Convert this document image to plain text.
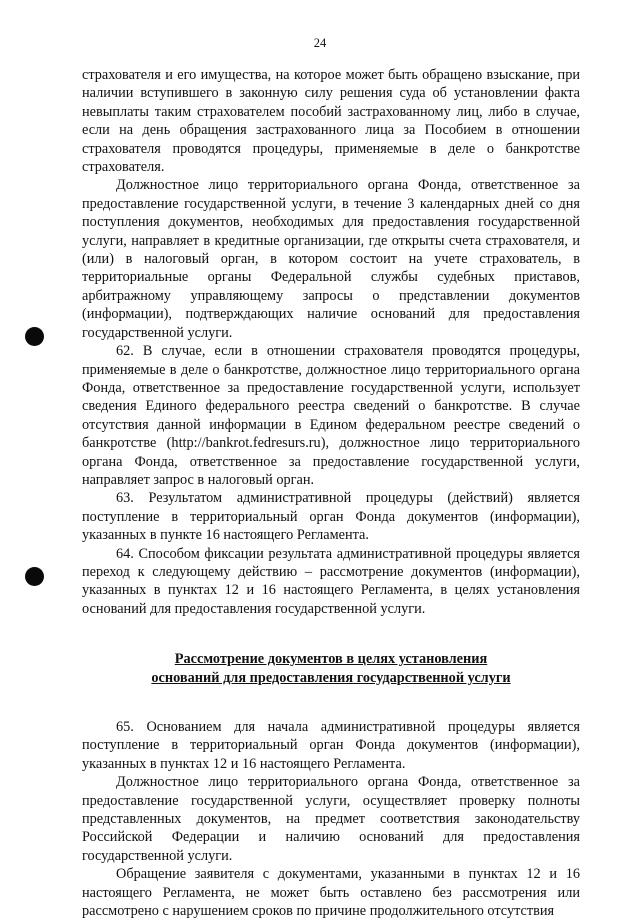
24

страхователя и его имущества, на которое может быть обращено взыскание, при наличии вступившего в законную силу решения суда об установлении факта невыплаты таким страхователем пособий застрахованному лиц, либо в случае, если на день обращения застрахованного лица за Пособием в отношении страхователя проводятся процедуры, применяемые в деле о банкротстве страхователя.

Должностное лицо территориального органа Фонда, ответственное за предоставление государственной услуги, в течение 3 календарных дней со дня поступления документов, необходимых для предоставления государственной услуги, направляет в кредитные организации, где открыты счета страхователя, и (или) в налоговый орган, в котором состоит на учете страхователь, в территориальные органы Федеральной службы судебных приставов, арбитражному управляющему запросы о представлении документов (информации), подтверждающих наличие оснований для предоставления государственной услуги.

62. В случае, если в отношении страхователя проводятся процедуры, применяемые в деле о банкротстве, должностное лицо территориального органа Фонда, ответственное за предоставление государственной услуги, использует сведения Единого федерального реестра сведений о банкротстве. В случае отсутствия данной информации в Едином федеральном реестре сведений о банкротстве (http://bankrot.fedresurs.ru), должностное лицо территориального органа Фонда, ответственное за предоставление государственной услуги, направляет запрос в налоговый орган.

63. Результатом административной процедуры (действий) является поступление в территориальный орган Фонда документов (информации), указанных в пункте 16 настоящего Регламента.

64. Способом фиксации результата административной процедуры является переход к следующему действию – рассмотрение документов (информации), указанных в пунктах 12 и 16 настоящего Регламента, в целях установления оснований для предоставления государственной услуги.

Рассмотрение документов в целях установления
оснований для предоставления государственной услуги

65. Основанием для начала административной процедуры является поступление в территориальный орган Фонда документов (информации), указанных в пунктах 12 и 16 настоящего Регламента.

Должностное лицо территориального органа Фонда, ответственное за предоставление государственной услуги, осуществляет проверку полноты представленных документов, на предмет соответствия законодательству Российской Федерации и наличию оснований для предоставления государственной услуги.

Обращение заявителя с документами, указанными в пунктах 12 и 16 настоящего Регламента, не может быть оставлено без рассмотрения или рассмотрено с нарушением сроков по причине продолжительного отсутствия
